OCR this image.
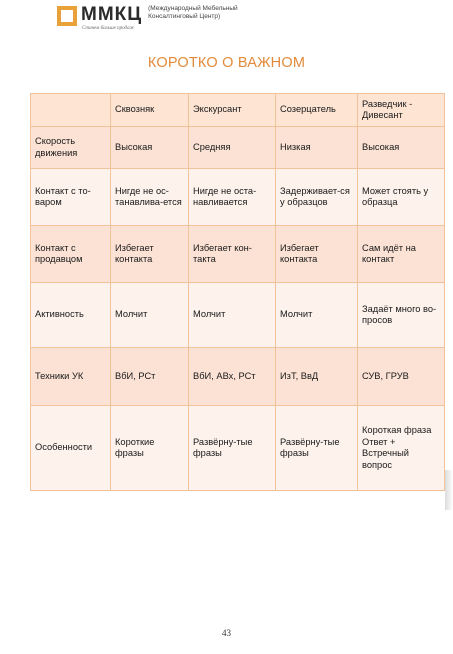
ММКЦ (Международный Мебельный
Консалтинговый Центр)
Станем больше продаж
КОРОТКО О ВАЖНОМ
	Сквозняк	Экскурсант	Созерцатель	Разведчик - Дивесант
Скорость движения	Высокая	Средняя	Низкая	Высокая
Контакт с то-варом	Нигде не ос-танавлива-ется	Нигде не оста-навливается	Задерживает-ся у образцов	Может стоять у образца
Контакт с продавцом	Избегает контакта	Избегает кон-такта	Избегает контакта	Сам идёт на контакт
Активность	Молчит	Молчит	Молчит	Задаёт много во-просов
Техники УК	ВбИ, РСт	ВбИ, АВх, РСт	ИзТ, ВвД	СУВ, ГРУВ
Особенности	Короткие фразы	Развёрну-тые фразы	Развёрну-тые фразы	Короткая фраза Ответ + Встречный вопрос
43
